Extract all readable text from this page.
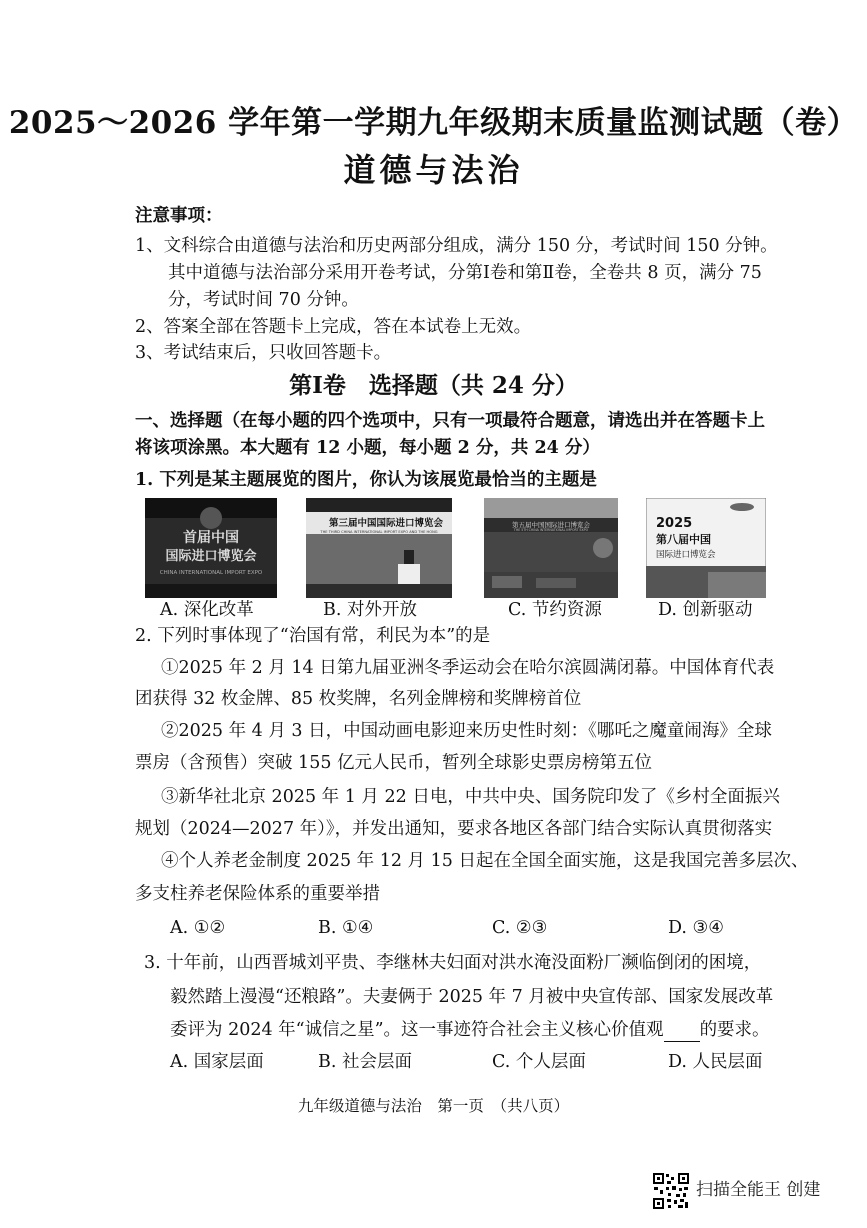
2025～2026 学年第一学期九年级期末质量监测试题（卷）
道德与法治
注意事项：
1、文科综合由道德与法治和历史两部分组成，满分 150 分，考试时间 150 分钟。
其中道德与法治部分采用开卷考试，分第Ⅰ卷和第Ⅱ卷，全卷共 8 页，满分 75
分，考试时间 70 分钟。
2、答案全部在答题卡上完成，答在本试卷上无效。
3、考试结束后，只收回答题卡。
第Ⅰ卷　选择题（共 24 分）
一、选择题（在每小题的四个选项中，只有一项最符合题意，请选出并在答题卡上
将该项涂黑。本大题有 12 小题，每小题 2 分，共 24 分）
1. 下列是某主题展览的图片，你认为该展览最恰当的主题是
首届中国
国际进口博览会
CHINA INTERNATIONAL IMPORT EXPO
第三届中国国际进口博览会
THE THIRD CHINA INTERNATIONAL IMPORT EXPO AND THE HONG
第五届中国国际进口博览会
THE 5TH CHINA INTERNATIONAL IMPORT EXPO	2025
第八届中国
国际进口博览会
A. 深化改革	B. 对外开放	C. 节约资源	D. 创新驱动
2. 下列时事体现了“治国有常，利民为本”的是
①2025 年 2 月 14 日第九届亚洲冬季运动会在哈尔滨圆满闭幕。中国体育代表
团获得 32 枚金牌、85 枚奖牌，名列金牌榜和奖牌榜首位
②2025 年 4 月 3 日，中国动画电影迎来历史性时刻：《哪吒之魔童闹海》全球
票房（含预售）突破 155 亿元人民币，暂列全球影史票房榜第五位
③新华社北京 2025 年 1 月 22 日电，中共中央、国务院印发了《乡村全面振兴
规划（2024—2027 年）》，并发出通知，要求各地区各部门结合实际认真贯彻落实
④个人养老金制度 2025 年 12 月 15 日起在全国全面实施，这是我国完善多层次、
多支柱养老保险体系的重要举措
A. ①②	B. ①④	C. ②③	D. ③④
3. 十年前，山西晋城刘平贵、李继林夫妇面对洪水淹没面粉厂濒临倒闭的困境，
毅然踏上漫漫“还粮路”。夫妻俩于 2025 年 7 月被中央宣传部、国家发展改革
委评为 2024 年“诚信之星”。这一事迹符合社会主义核心价值观 的要求。
A. 国家层面	B. 社会层面	C. 个人层面	D. 人民层面
九年级道德与法治　第一页　（共八页）
扫描全能王 创建
